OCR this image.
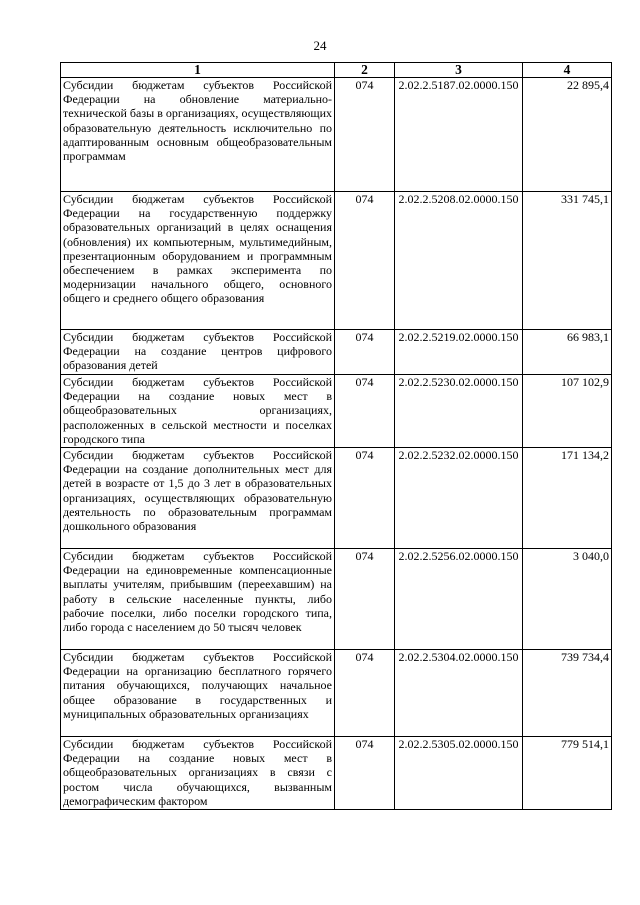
24
1	2	3	4
Субсидии бюджетам субъектов Российской Федерации на обновление материально-технической базы в организациях, осуществляющих образовательную деятельность исключительно по адаптированным основным общеобразовательным программам	074	2.02.2.5187.02.0000.150	22 895,4
Субсидии бюджетам субъектов Российской Федерации на государственную поддержку образовательных организаций в целях оснащения (обновления) их компьютерным, мультимедийным, презентационным оборудованием и программным обеспечением в рамках эксперимента по модернизации начального общего, основного общего и среднего общего образования	074	2.02.2.5208.02.0000.150	331 745,1
Субсидии бюджетам субъектов Российской Федерации на создание центров цифрового образования детей	074	2.02.2.5219.02.0000.150	66 983,1
Субсидии бюджетам субъектов Российской Федерации на создание новых мест в общеобразовательных организациях, расположенных в сельской местности и поселках городского типа	074	2.02.2.5230.02.0000.150	107 102,9
Субсидии бюджетам субъектов Российской Федерации на создание дополнительных мест для детей в возрасте от 1,5 до 3 лет в образовательных организациях, осуществляющих образовательную деятельность по образовательным программам дошкольного образования	074	2.02.2.5232.02.0000.150	171 134,2
Субсидии бюджетам субъектов Российской Федерации на единовременные компенсационные выплаты учителям, прибывшим (переехавшим) на работу в сельские населенные пункты, либо рабочие поселки, либо поселки городского типа, либо города с населением до 50 тысяч человек	074	2.02.2.5256.02.0000.150	3 040,0
Субсидии бюджетам субъектов Российской Федерации на организацию бесплатного горячего питания обучающихся, получающих начальное общее образование в государственных и муниципальных образовательных организациях	074	2.02.2.5304.02.0000.150	739 734,4
Субсидии бюджетам субъектов Российской Федерации на создание новых мест в общеобразовательных организациях в связи с ростом числа обучающихся, вызванным демографическим фактором	074	2.02.2.5305.02.0000.150	779 514,1
